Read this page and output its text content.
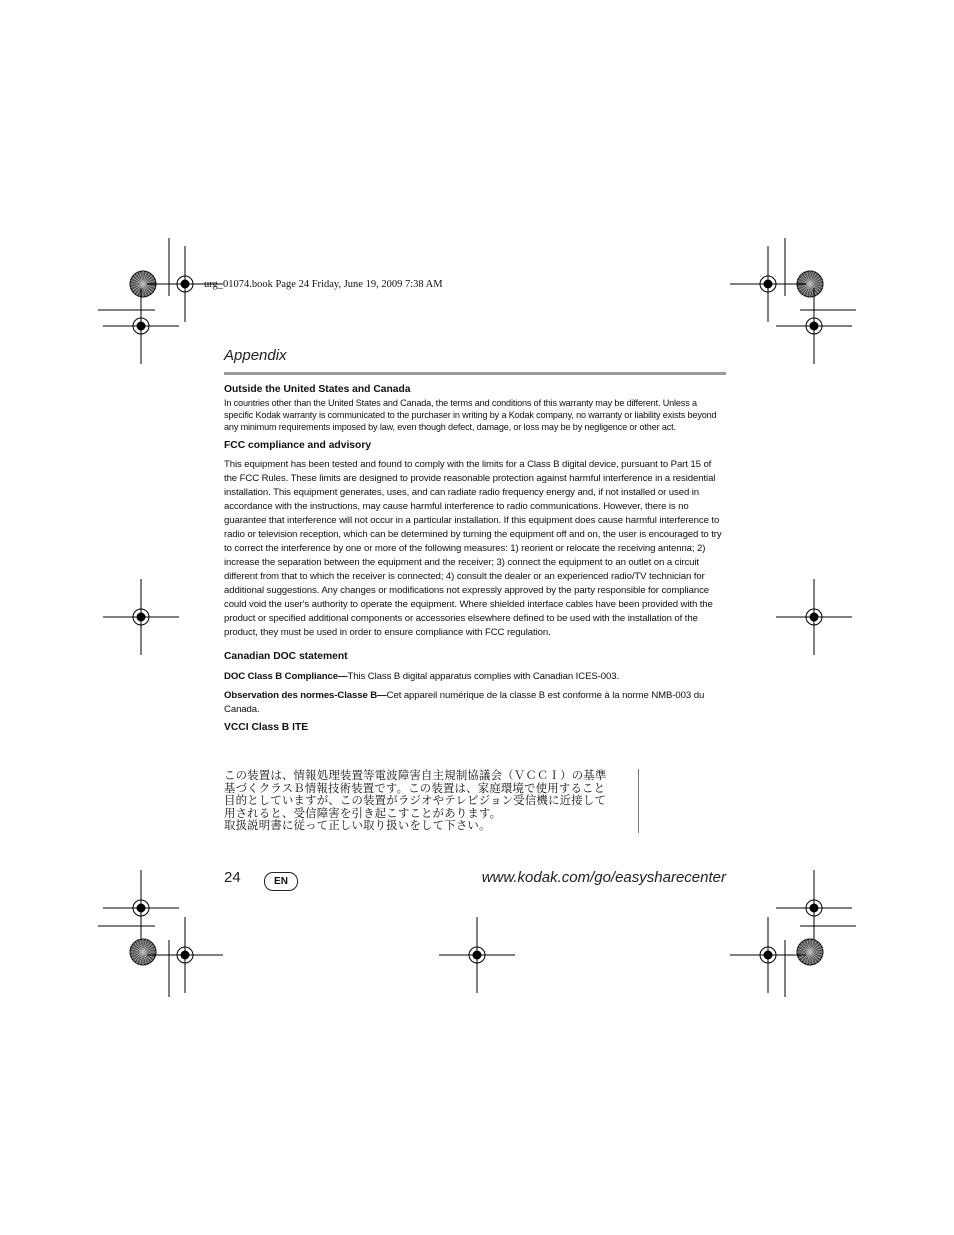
urg_01074.book Page 24 Friday, June 19, 2009 7:38 AM
Appendix

Outside the United States and Canada

In countries other than the United States and Canada, the terms and conditions of this warranty may be different. Unless a specific Kodak warranty is communicated to the purchaser in writing by a Kodak company, no warranty or liability exists beyond any minimum requirements imposed by law, even though defect, damage, or loss may be by negligence or other act.

FCC compliance and advisory

This equipment has been tested and found to comply with the limits for a Class B digital device, pursuant to Part 15 of the FCC Rules. These limits are designed to provide reasonable protection against harmful interference in a residential installation. This equipment generates, uses, and can radiate radio frequency energy and, if not installed or used in accordance with the instructions, may cause harmful interference to radio communications. However, there is no guarantee that interference will not occur in a particular installation. If this equipment does cause harmful interference to radio or television reception, which can be determined by turning the equipment off and on, the user is encouraged to try to correct the interference by one or more of the following measures: 1) reorient or relocate the receiving antenna; 2) increase the separation between the equipment and the receiver; 3) connect the equipment to an outlet on a circuit different from that to which the receiver is connected; 4) consult the dealer or an experienced radio/TV technician for additional suggestions. Any changes or modifications not expressly approved by the party responsible for compliance could void the user's authority to operate the equipment. Where shielded interface cables have been provided with the product or specified additional components or accessories elsewhere defined to be used with the installation of the product, they must be used in order to ensure compliance with FCC regulation.

Canadian DOC statement

DOC Class B Compliance—This Class B digital apparatus complies with Canadian ICES-003.

Observation des normes-Classe B—Cet appareil numérique de la classe B est conforme à la norme NMB-003 du Canada.

VCCI Class B ITE

この装置は、情報処理装置等電波障害自主規制協議会（ＶＣＣＩ）の基準
基づくクラスＢ情報技術装置です。この装置は、家庭環境で使用すること
目的としていますが、この装置がラジオやテレビジョン受信機に近接して
用されると、受信障害を引き起こすことがあります。
取扱説明書に従って正しい取り扱いをして下さい。
24	EN	www.kodak.com/go/easysharecenter
